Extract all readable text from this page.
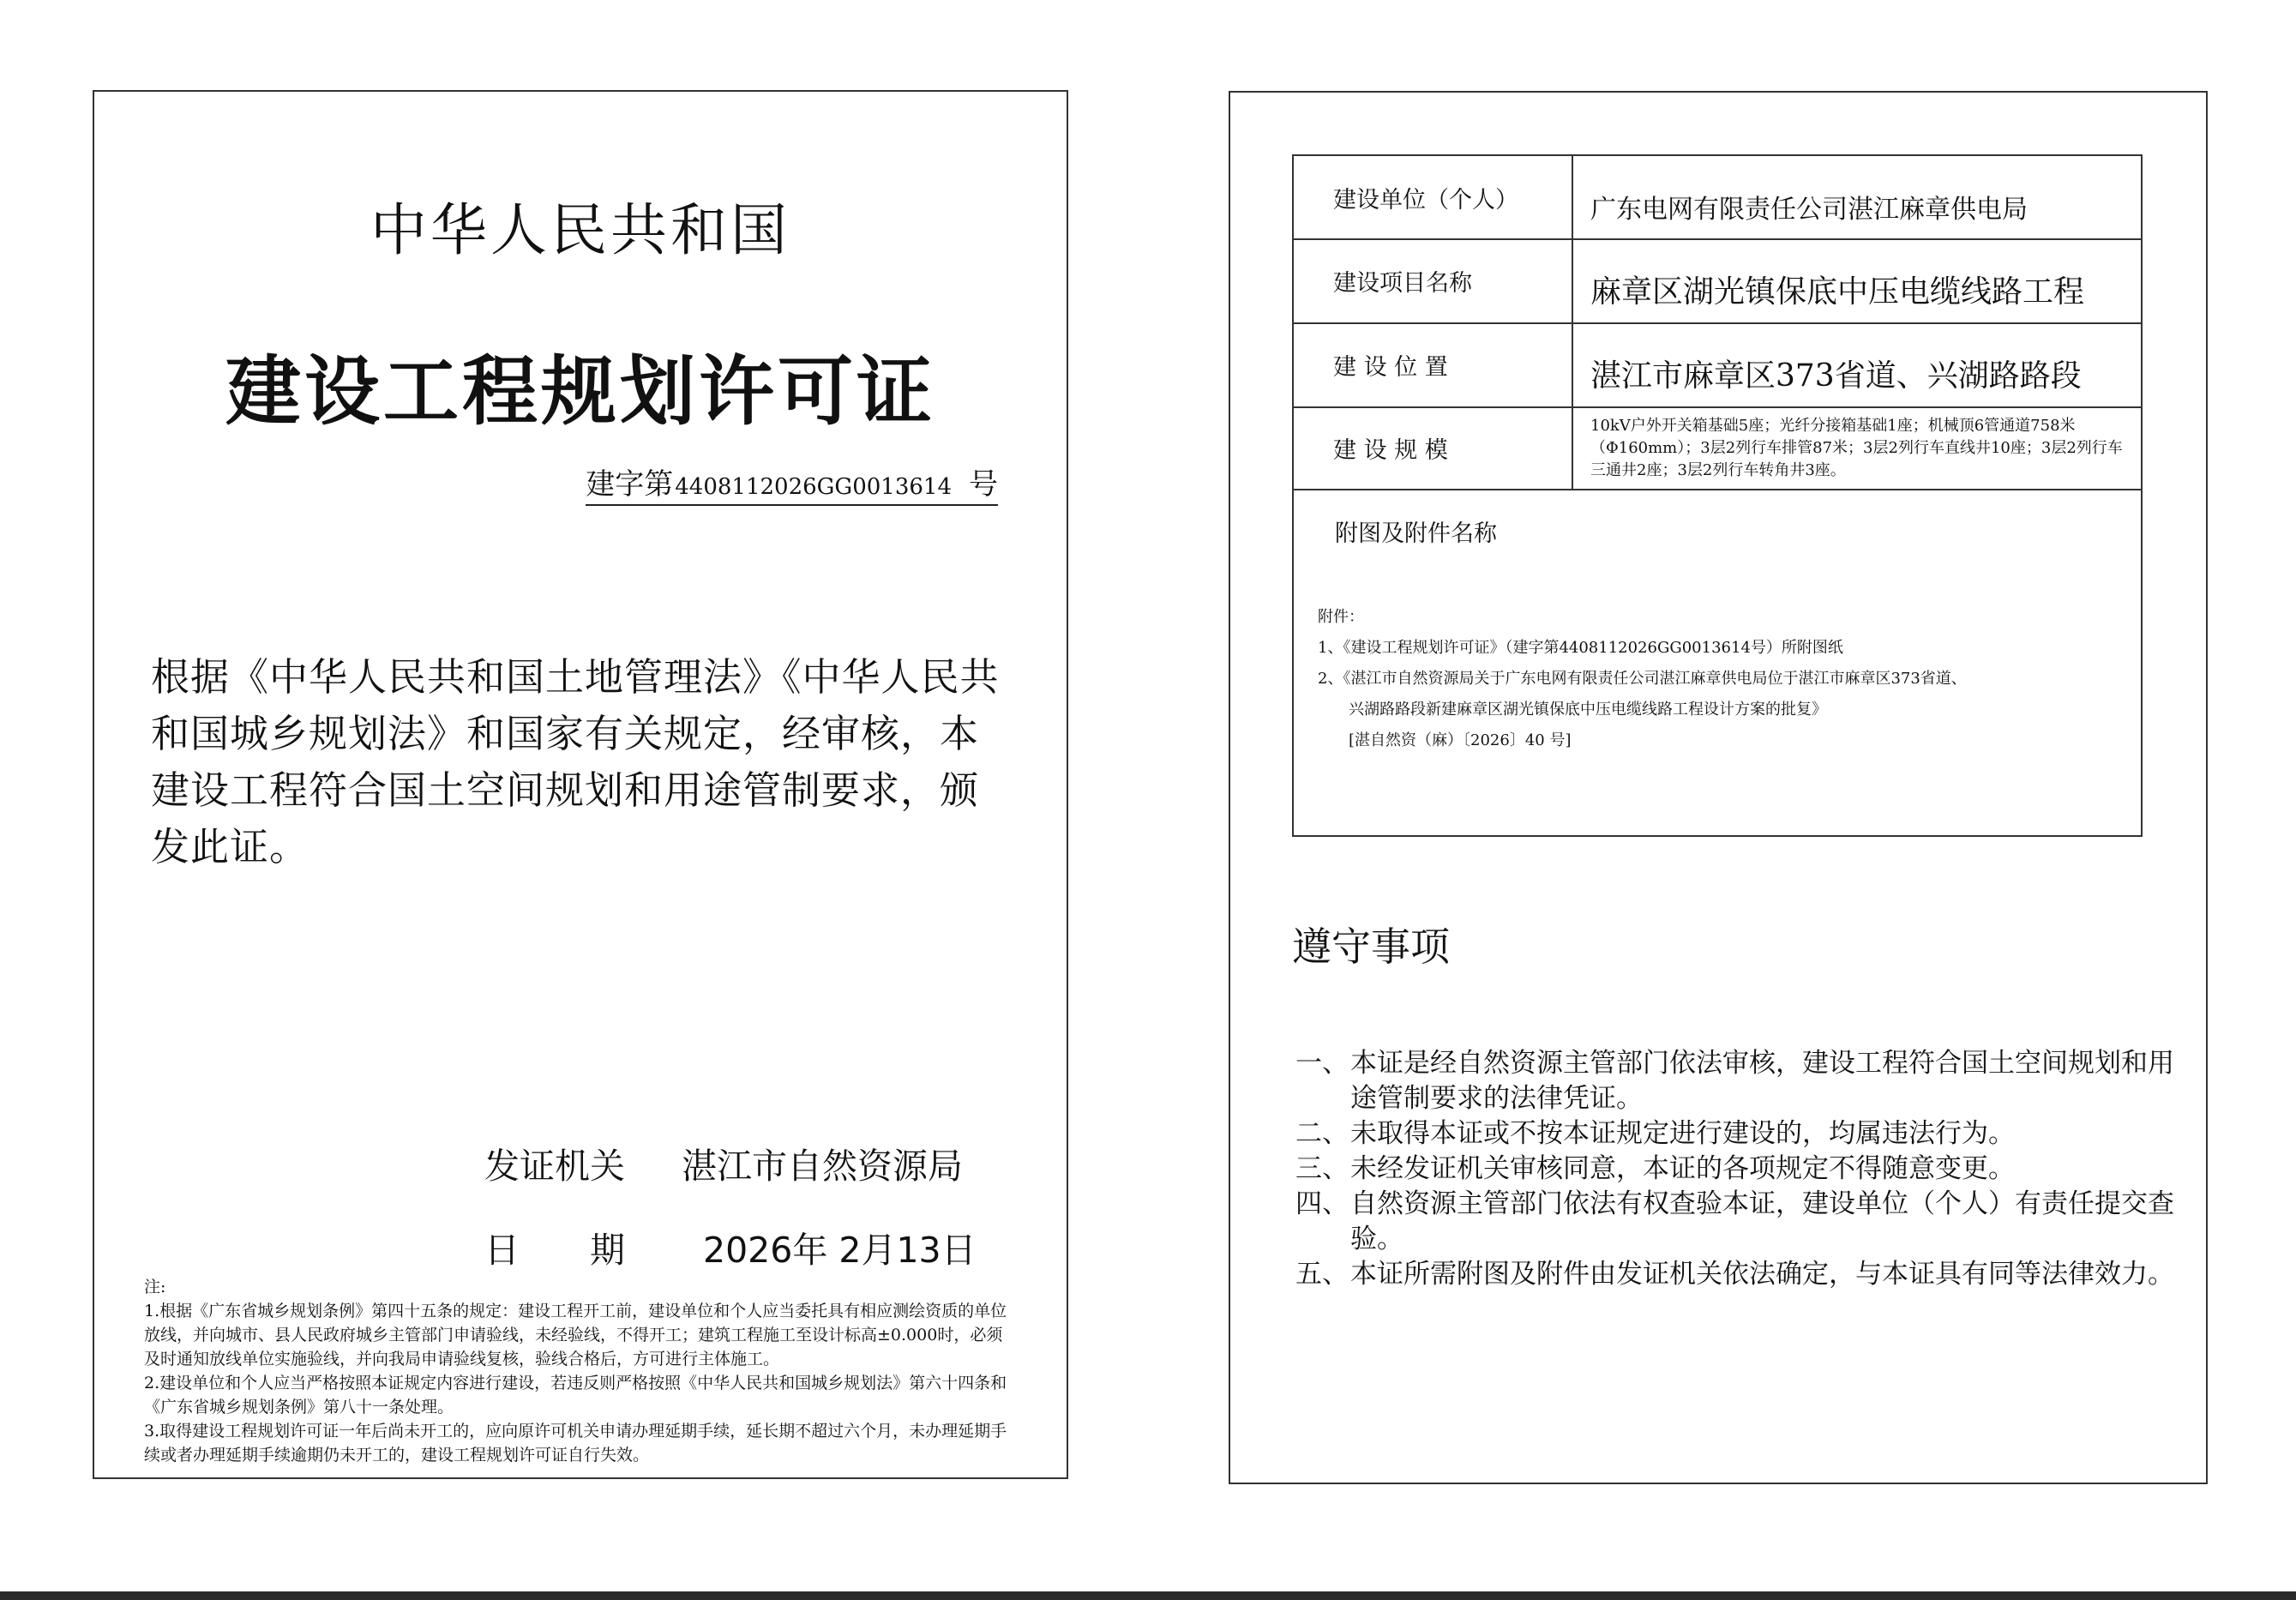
中华人民共和国
建设工程规划许可证
建字第4408112026GG0013614 号
根据《中华人民共和国土地管理法》《中华人民共和国城乡规划法》和国家有关规定，经审核，本建设工程符合国土空间规划和用途管制要求，颁发此证。
发证机关 湛江市自然资源局
日　　期 2026年 2月13日
注:
1.根据《广东省城乡规划条例》第四十五条的规定：建设工程开工前，建设单位和个人应当委托具有相应测绘资质的单位放线，并向城市、县人民政府城乡主管部门申请验线，未经验线，不得开工；建筑工程施工至设计标高±0.000时，必须及时通知放线单位实施验线，并向我局申请验线复核，验线合格后，方可进行主体施工。
2.建设单位和个人应当严格按照本证规定内容进行建设，若违反则严格按照《中华人民共和国城乡规划法》第六十四条和《广东省城乡规划条例》第八十一条处理。
3.取得建设工程规划许可证一年后尚未开工的，应向原许可机关申请办理延期手续，延长期不超过六个月，未办理延期手续或者办理延期手续逾期仍未开工的，建设工程规划许可证自行失效。
建设单位（个人）	广东电网有限责任公司湛江麻章供电局
建设项目名称	麻章区湖光镇保底中压电缆线路工程
建 设 位 置	湛江市麻章区373省道、兴湖路路段
建 设 规 模
10kV户外开关箱基础5座；光纤分接箱基础1座；机械顶6管通道758米
（Φ160mm）；3层2列行车排管87米；3层2列行车直线井10座；3层2列行车
三通井2座；3层2列行车转角井3座。
附图及附件名称
附件：
1、《建设工程规划许可证》（建字第4408112026GG0013614号）所附图纸
2、《湛江市自然资源局关于广东电网有限责任公司湛江麻章供电局位于湛江市麻章区373省道、
兴湖路路段新建麻章区湖光镇保底中压电缆线路工程设计方案的批复》
[湛自然资（麻）〔2026〕40 号]
遵守事项
一、 本证是经自然资源主管部门依法审核，建设工程符合国土空间规划和用途管制要求的法律凭证。
二、 未取得本证或不按本证规定进行建设的，均属违法行为。
三、 未经发证机关审核同意，本证的各项规定不得随意变更。
四、 自然资源主管部门依法有权查验本证，建设单位（个人）有责任提交查验。
五、 本证所需附图及附件由发证机关依法确定，与本证具有同等法律效力。
